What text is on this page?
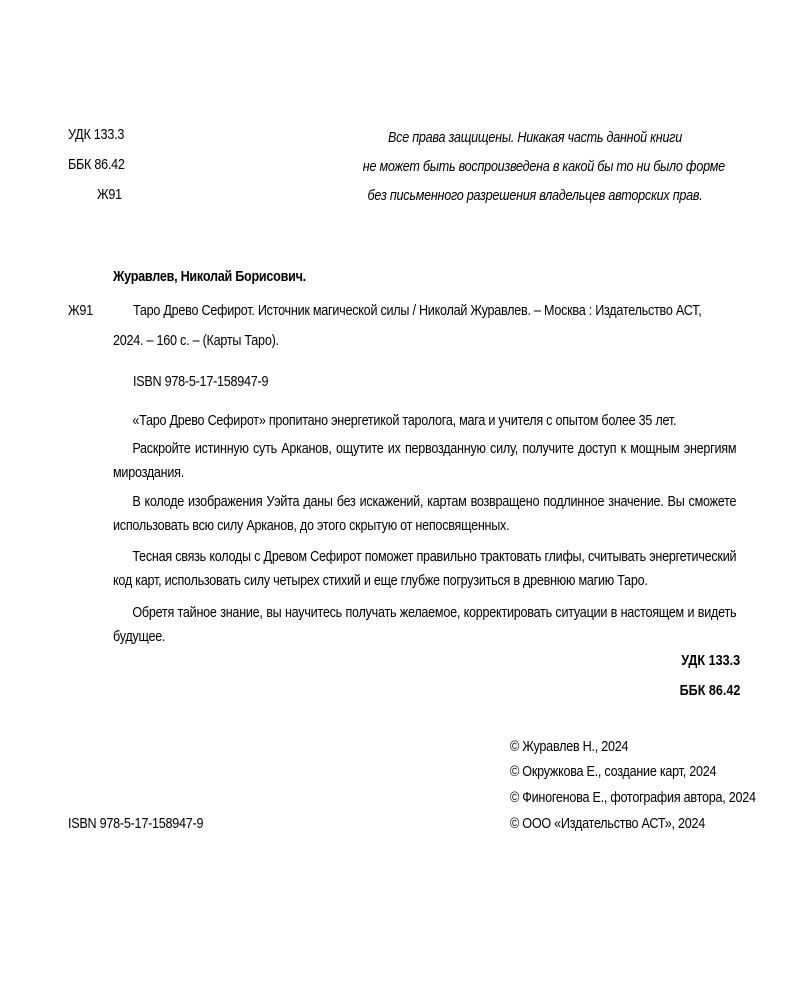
УДК 133.3
ББК 86.42
Ж91
Все права защищены. Никакая часть данной книги
не может быть воспроизведена в какой бы то ни было форме
без письменного разрешения владельцев авторских прав.
Журавлев, Николай Борисович.
Ж91	Таро Древо Сефирот. Источник магической силы / Николай Журавлев. – Москва : Издательство АСТ,
2024. – 160 с. – (Карты Таро).
ISBN 978-5-17-158947-9
«Таро Древо Сефирот» пропитано энергетикой таролога, мага и учителя с опытом более 35 лет.
Раскройте истинную суть Арканов, ощутите их первозданную силу, получите доступ к мощным энергиям мироздания.
В колоде изображения Уэйта даны без искажений, картам возвращено подлинное значение. Вы сможете использовать всю силу Арканов, до этого скрытую от непосвященных.
Тесная связь колоды с Древом Сефирот поможет правильно трактовать глифы, считывать энергетический код карт, использовать силу четырех стихий и еще глубже погрузиться в древнюю магию Таро.
Обретя тайное знание, вы научитесь получать желаемое, корректировать ситуации в настоящем и видеть будущее.
УДК 133.3
ББК 86.42
© Журавлев Н., 2024
© Окружкова Е., создание карт, 2024
© Финогенова Е., фотография автора, 2024
© ООО «Издательство АСТ», 2024
ISBN 978-5-17-158947-9
